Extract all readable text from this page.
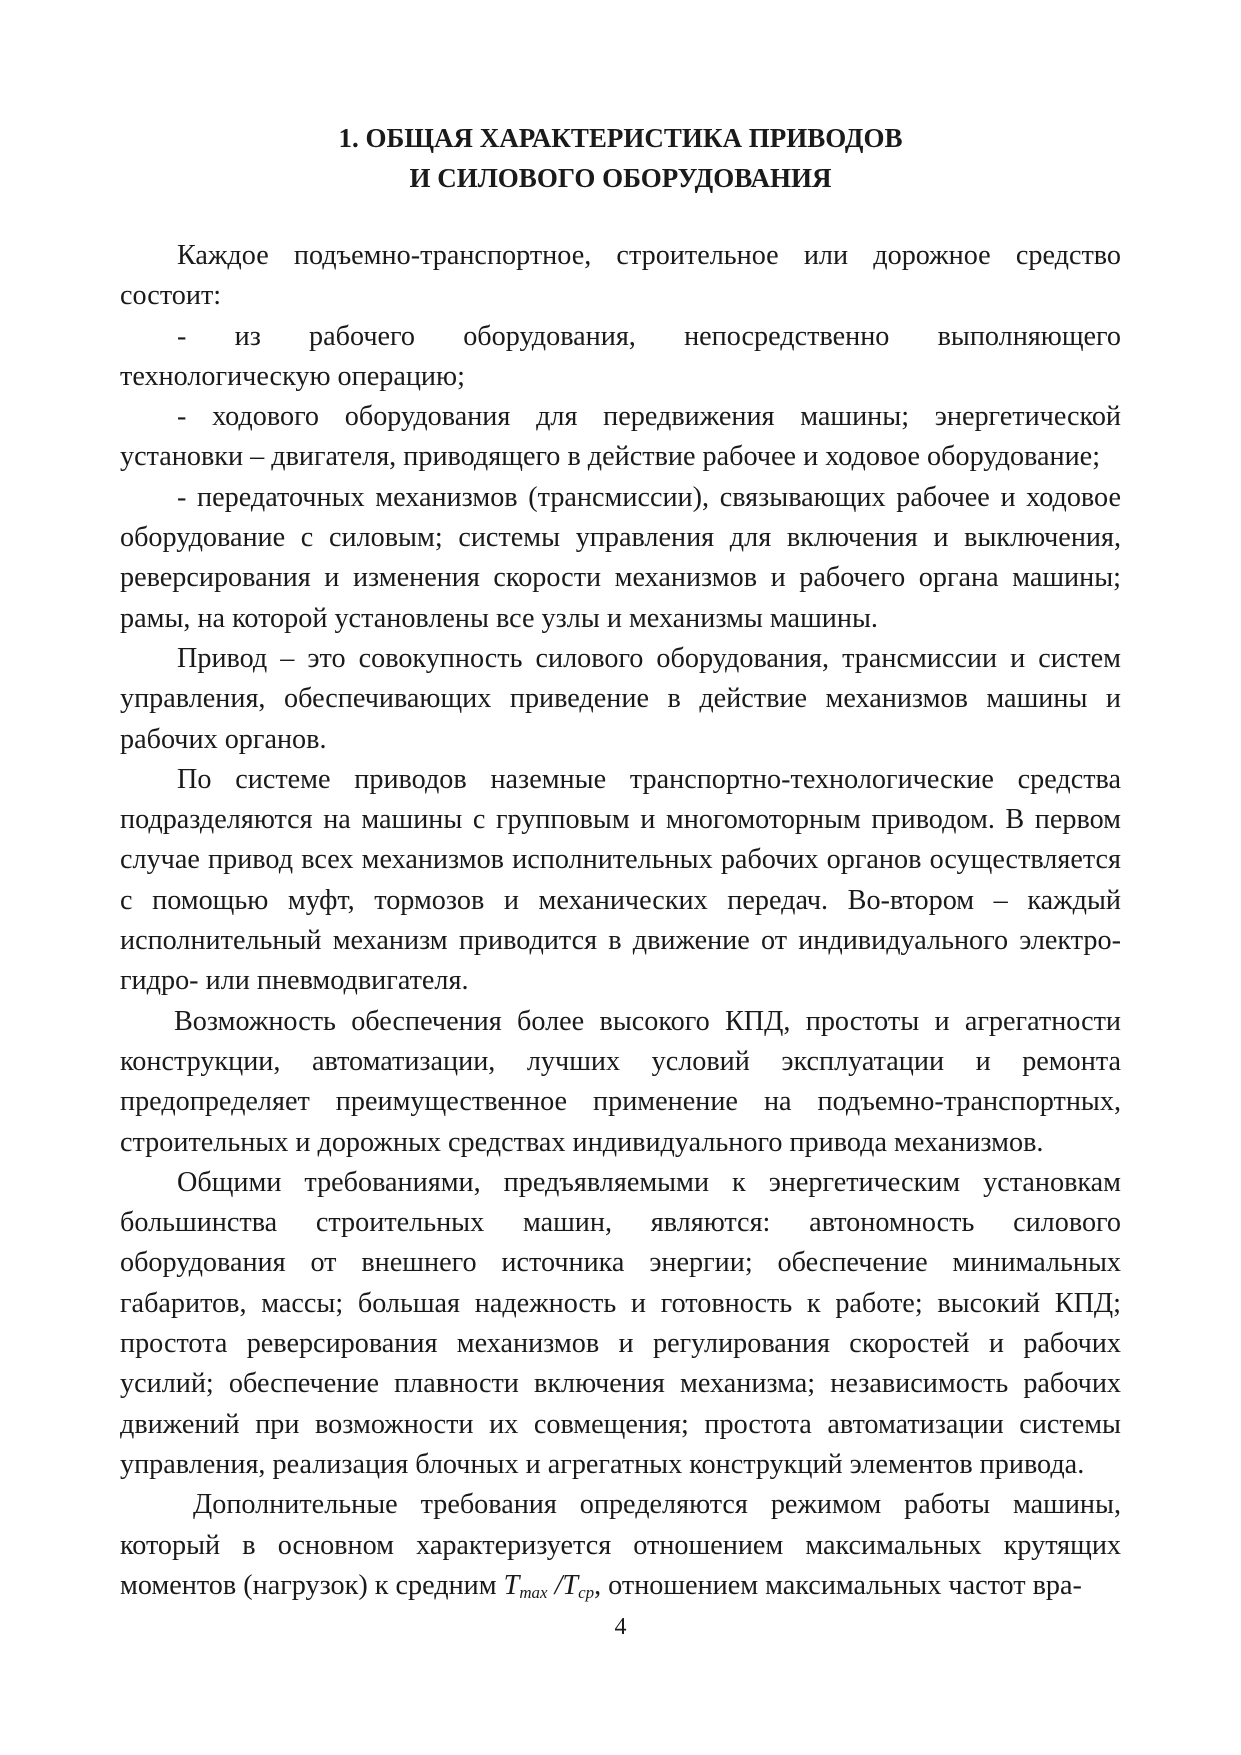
1. ОБЩАЯ ХАРАКТЕРИСТИКА ПРИВОДОВ
И СИЛОВОГО ОБОРУДОВАНИЯ

Каждое подъемно-транспортное, строительное или дорожное средство состоит:

- из рабочего оборудования, непосредственно выполняющего технологическую операцию;

- ходового оборудования для передвижения машины; энергетической установки – двигателя, приводящего в действие рабочее и ходовое оборудование;

- передаточных механизмов (трансмиссии), связывающих рабочее и ходовое оборудование с силовым; системы управления для включения и выключения, реверсирования и изменения скорости механизмов и рабочего органа машины; рамы, на которой установлены все узлы и механизмы машины.

Привод – это совокупность силового оборудования, трансмиссии и систем управления, обеспечивающих приведение в действие механизмов машины и рабочих органов.

По системе приводов наземные транспортно-технологические средства подразделяются на машины с групповым и многомоторным приводом. В первом случае привод всех механизмов исполнительных рабочих органов осуществляется с помощью муфт, тормозов и механических передач. Во-втором – каждый исполнительный механизм приводится в движение от индивидуального электро- гидро- или пневмодвигателя.

Возможность обеспечения более высокого КПД, простоты и агрегатности конструкции, автоматизации, лучших условий эксплуатации и ремонта предопределяет преимущественное применение на подъемно-транспортных, строительных и дорожных средствах индивидуального привода механизмов.

Общими требованиями, предъявляемыми к энергетическим установкам большинства строительных машин, являются: автономность силового оборудования от внешнего источника энергии; обеспечение минимальных габаритов, массы; большая надежность и готовность к работе; высокий КПД; простота реверсирования механизмов и регулирования скоростей и рабочих усилий; обеспечение плавности включения механизма; независимость рабочих движений при возможности их совмещения; простота автоматизации системы управления, реализация блочных и агрегатных конструкций элементов привода.

Дополнительные требования определяются режимом работы машины, который в основном характеризуется отношением максимальных крутящих моментов (нагрузок) к средним $T_{max}$ $/T_{ср}$, отношением максимальных частот вра-

4
